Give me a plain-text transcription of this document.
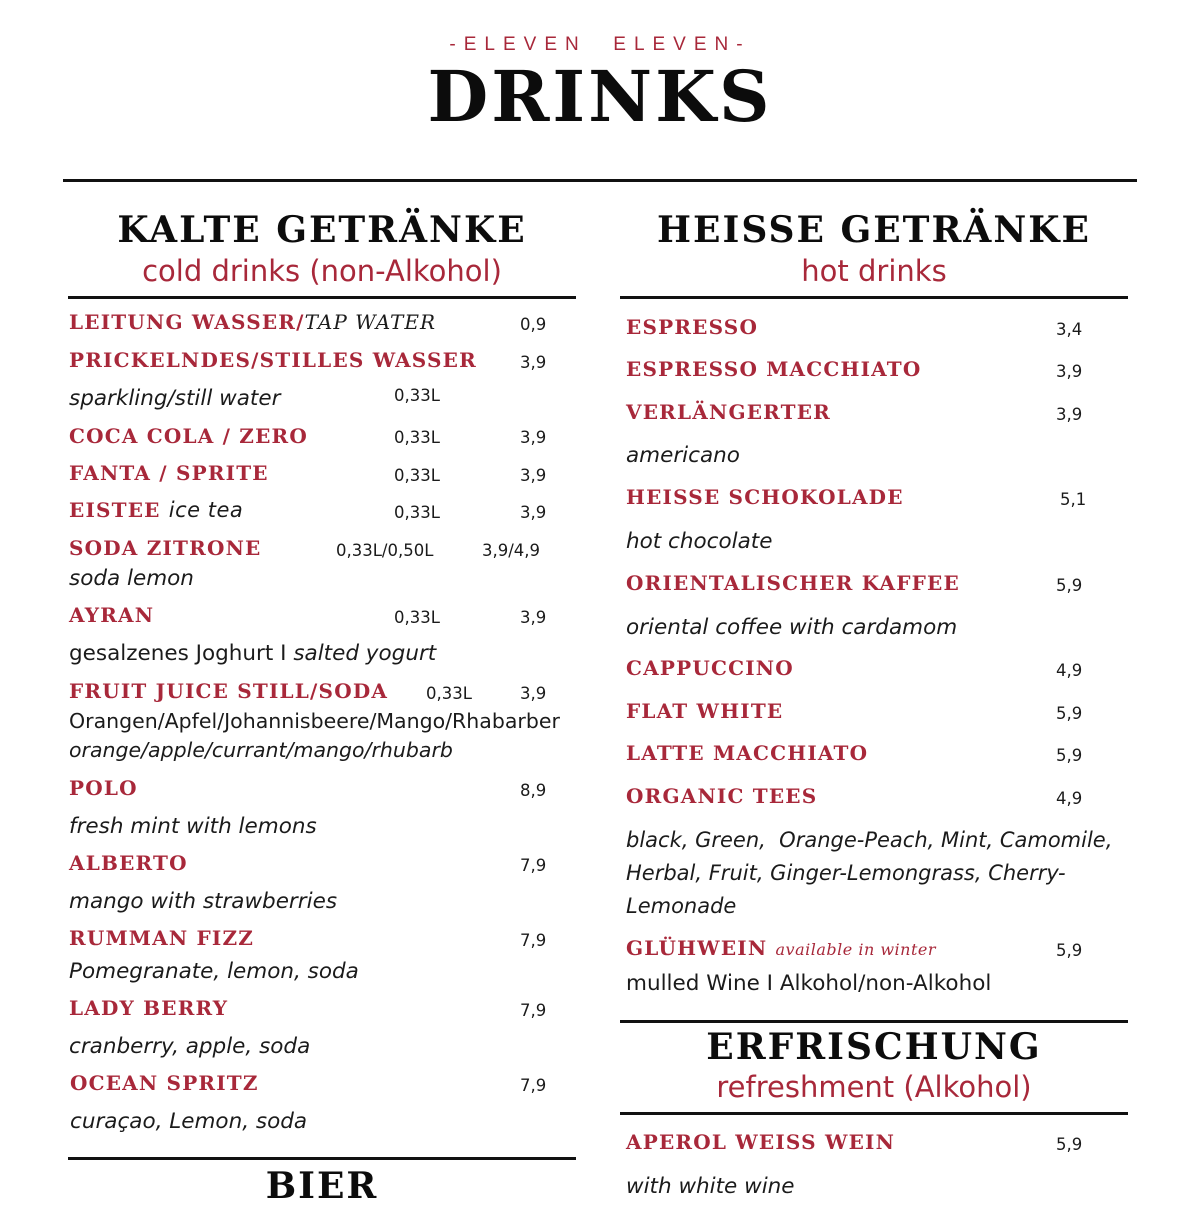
-ELEVEN  ELEVEN-
DRINKS
KALTE GETRÄNKE
cold drinks (non-Alkohol)
LEITUNG WASSER/TAP WATER	0,9
PRICKELNDES/STILLES WASSER	3,9
sparkling/still water	0,33L
COCA COLA / ZERO	0,33L	3,9
FANTA / SPRITE	0,33L	3,9
EISTEE ice tea	0,33L	3,9
SODA ZITRONE	0,33L/0,50L	3,9/4,9
soda lemon
AYRAN	0,33L	3,9
gesalzenes Joghurt I salted yogurt
FRUIT JUICE STILL/SODA 0,33L	3,9
Orangen/Apfel/Johannisbeere/Mango/Rhabarber
orange/apple/currant/mango/rhubarb
POLO	8,9
fresh mint with lemons
ALBERTO	7,9
mango with strawberries
RUMMAN FIZZ	7,9
Pomegranate, lemon, soda
LADY BERRY	7,9
cranberry, apple, soda
OCEAN SPRITZ	7,9
curaçao, Lemon, soda
BIER
HEISSE GETRÄNKE
hot drinks
ESPRESSO	3,4
ESPRESSO MACCHIATO	3,9
VERLÄNGERTER	3,9
americano
HEISSE SCHOKOLADE	5,1
hot chocolate
ORIENTALISCHER KAFFEE	5,9
oriental coffee with cardamom
CAPPUCCINO	4,9
FLAT WHITE	5,9
LATTE MACCHIATO	5,9
ORGANIC TEES	4,9
black, Green,  Orange-Peach, Mint, Camomile,
Herbal, Fruit, Ginger-Lemongrass, Cherry-
Lemonade
GLÜHWEIN available in winter	5,9
mulled Wine I Alkohol/non-Alkohol
ERFRISCHUNG
refreshment (Alkohol)
APEROL WEISS WEIN	5,9
with white wine
